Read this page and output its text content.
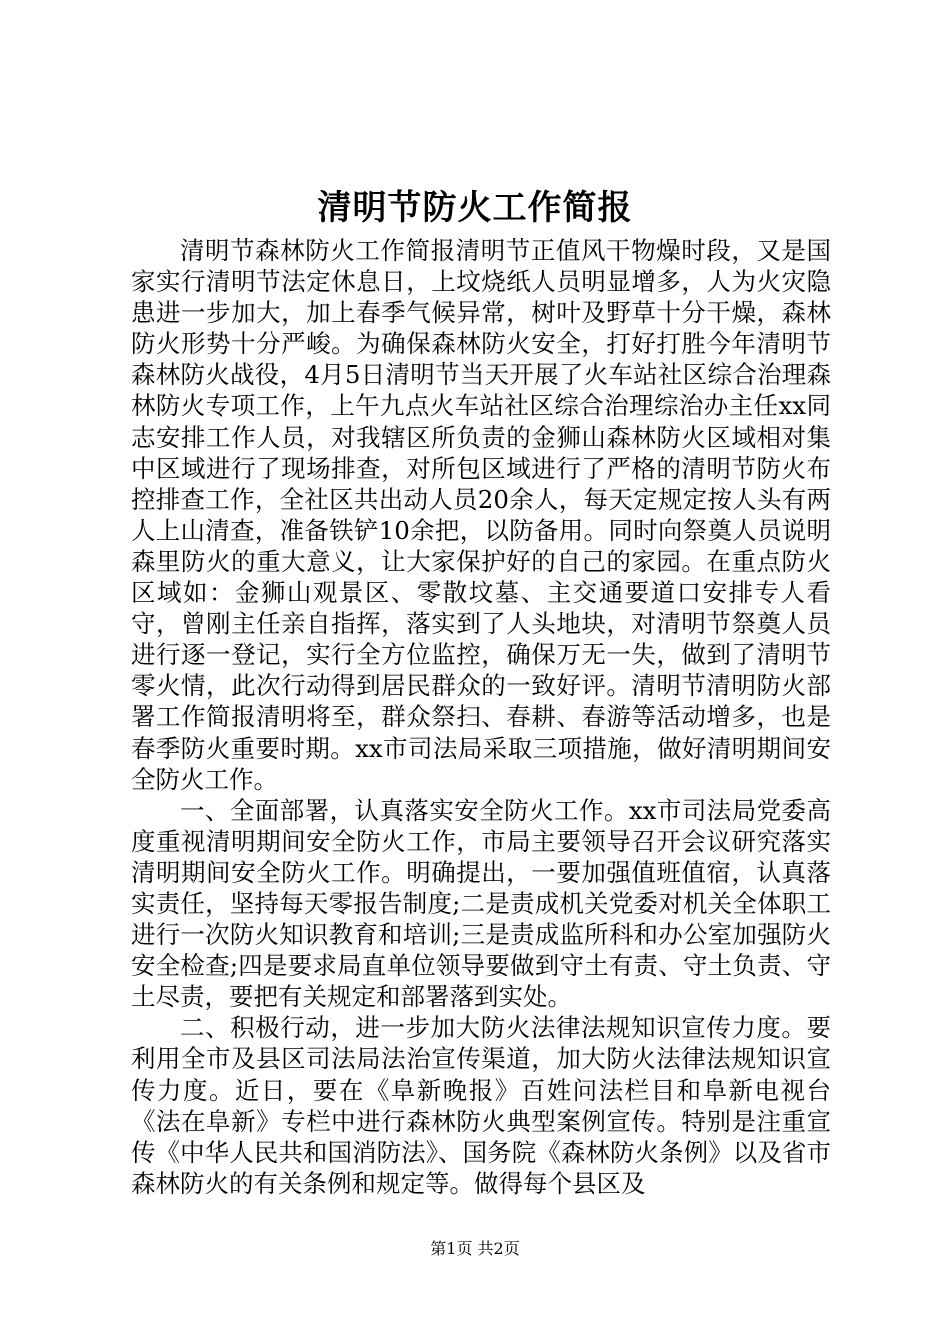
清明节防火工作简报

清明节森林防火工作简报清明节正值风干物燥时段，又是国家实行清明节法定休息日，上坟烧纸人员明显增多，人为火灾隐患进一步加大，加上春季气候异常，树叶及野草十分干燥，森林防火形势十分严峻。为确保森林防火安全，打好打胜今年清明节森林防火战役，4月5日清明节当天开展了火车站社区综合治理森林防火专项工作，上午九点火车站社区综合治理综治办主任xx同志安排工作人员，对我辖区所负责的金狮山森林防火区域相对集中区域进行了现场排查，对所包区域进行了严格的清明节防火布控排查工作，全社区共出动人员20余人，每天定规定按人头有两人上山清查，准备铁铲10余把，以防备用。同时向祭奠人员说明森里防火的重大意义，让大家保护好的自己的家园。在重点防火区域如：金狮山观景区、零散坟墓、主交通要道口安排专人看守，曾刚主任亲自指挥，落实到了人头地块，对清明节祭奠人员进行逐一登记，实行全方位监控，确保万无一失，做到了清明节零火情，此次行动得到居民群众的一致好评。清明节清明防火部署工作简报清明将至，群众祭扫、春耕、春游等活动增多，也是春季防火重要时期。xx市司法局采取三项措施，做好清明期间安全防火工作。

一、全面部署，认真落实安全防火工作。xx市司法局党委高度重视清明期间安全防火工作，市局主要领导召开会议研究落实清明期间安全防火工作。明确提出，一要加强值班值宿，认真落实责任，坚持每天零报告制度;二是责成机关党委对机关全体职工进行一次防火知识教育和培训;三是责成监所科和办公室加强防火安全检查;四是要求局直单位领导要做到守土有责、守土负责、守土尽责，要把有关规定和部署落到实处。

二、积极行动，进一步加大防火法律法规知识宣传力度。要利用全市及县区司法局法治宣传渠道，加大防火法律法规知识宣传力度。近日，要在《阜新晚报》百姓问法栏目和阜新电视台《法在阜新》专栏中进行森林防火典型案例宣传。特别是注重宣传《中华人民共和国消防法》、国务院《森林防火条例》以及省市森林防火的有关条例和规定等。做得每个县区及

第1页 共2页
